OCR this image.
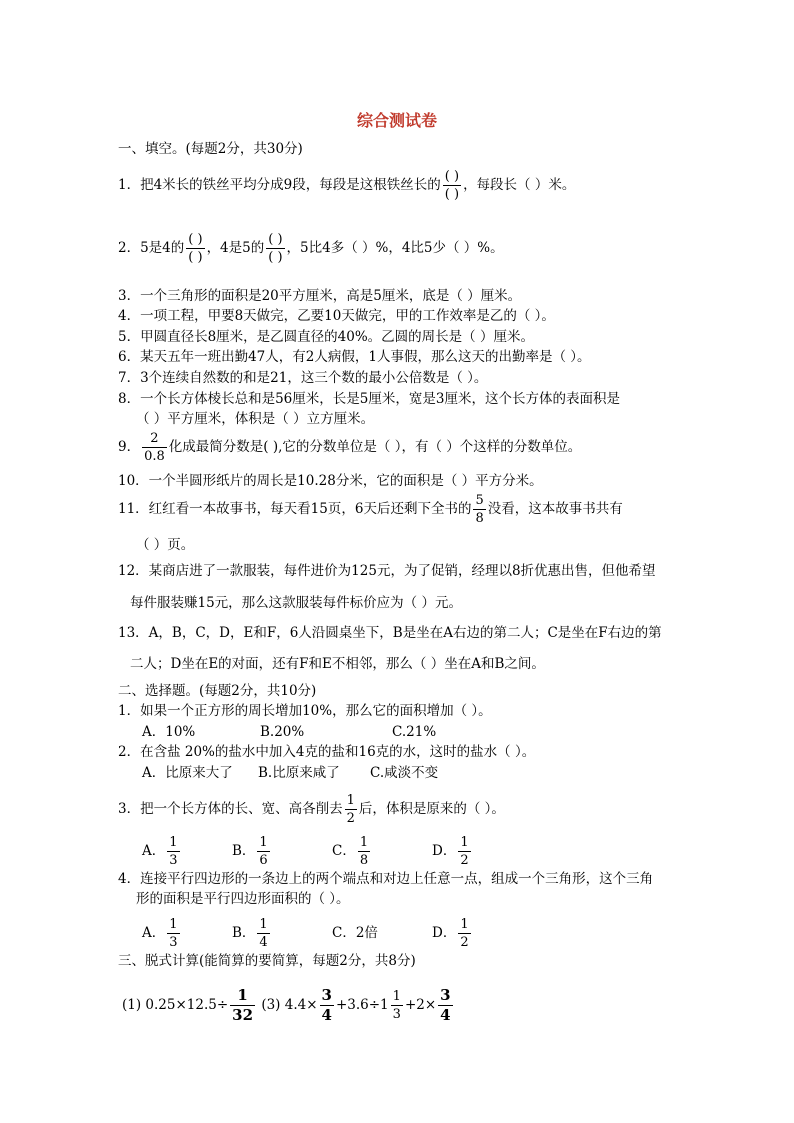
综合测试卷
一、填空。(每题2分，共30分)
1．把4米长的铁丝平均分成9段，每段是这根铁丝长的 $\frac{( )}{( )}$ ，每段长（ ）米。
2．5是4的 $\frac{( )}{( )}$ ，4是5的 $\frac{( )}{( )}$ ，5比4多（ ）%，4比5少（ ）%。
3．一个三角形的面积是20平方厘米，高是5厘米，底是（ ）厘米。
4．一项工程，甲要8天做完，乙要10天做完，甲的工作效率是乙的（ ）。
5．甲圆直径长8厘米，是乙圆直径的40%。乙圆的周长是（ ）厘米。
6．某天五年一班出勤47人，有2人病假，1人事假，那么这天的出勤率是（ ）。
7．3个连续自然数的和是21，这三个数的最小公倍数是（ ）。
8．一个长方体棱长总和是56厘米，长是5厘米，宽是3厘米，这个长方体的表面积是
（ ）平方厘米，体积是（ ）立方厘米。
9． $\frac{2}{0.8}$ 化成最简分数是( ),它的分数单位是（ ），有（ ）个这样的分数单位。
10．一个半圆形纸片的周长是10.28分米，它的面积是（ ）平方分米。
11．红红看一本故事书，每天看15页，6天后还剩下全书的 $\frac{5}{8}$ 没看，这本故事书共有
（ ）页。
12．某商店进了一款服装，每件进价为125元，为了促销，经理以8折优惠出售，但他希望
每件服装赚15元，那么这款服装每件标价应为（ ）元。
13．A，B，C，D，E和F，6人沿圆桌坐下，B是坐在A右边的第二人；C是坐在F右边的第
二人；D坐在E的对面，还有F和E不相邻，那么（ ）坐在A和B之间。
二、选择题。(每题2分，共10分)
1．如果一个正方形的周长增加10%，那么它的面积增加（ ）。
A．10%	B.20%	C.21%
2．在含盐 20%的盐水中加入4克的盐和16克的水，这时的盐水（ ）。
A．比原来大了 B.比原来咸了 C.咸淡不变
3．把一个长方体的长、宽、高各削去 $\frac{1}{2}$ 后，体积是原来的（ ）。
A． $\frac{1}{3}$	B． $\frac{1}{6}$	C． $\frac{1}{8}$	D． $\frac{1}{2}$
4．连接平行四边形的一条边上的两个端点和对边上任意一点，组成一个三角形，这个三角
形的面积是平行四边形面积的（ ）。
A． $\frac{1}{3}$	B． $\frac{1}{4}$	C．2倍	D． $\frac{1}{2}$
三、脱式计算(能简算的要简算，每题2分，共8分)
(1) $0.25\times 12.5\div \frac{1}{32} (3)$ $4.4\times \frac{3}{4} +3.6\div 1 \frac{1}{3} +2\times \frac{3}{4}$
